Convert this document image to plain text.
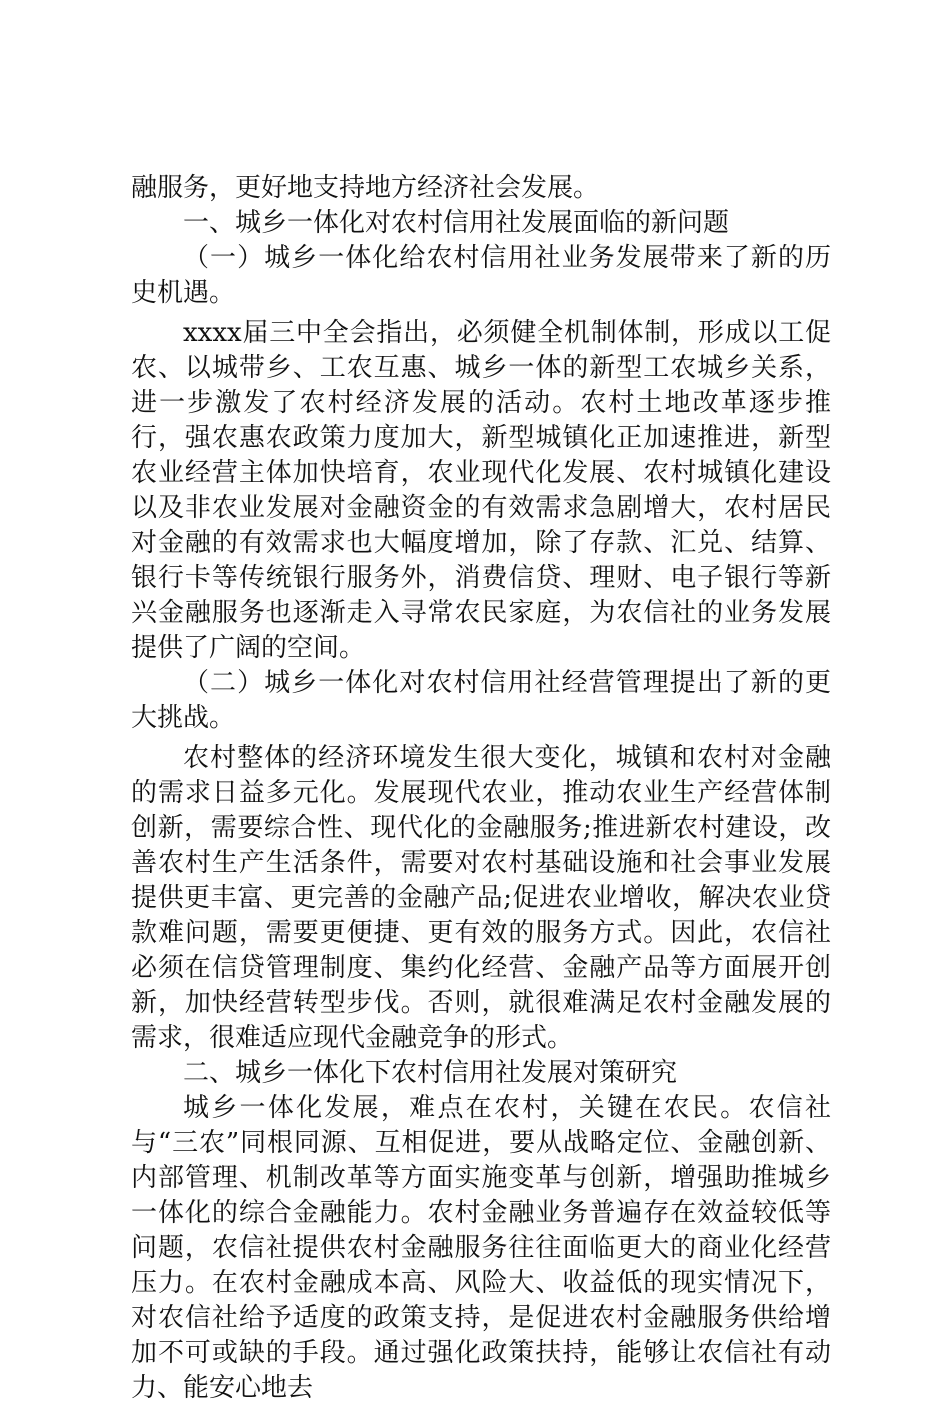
融服务，更好地支持地方经济社会发展。

一、城乡一体化对农村信用社发展面临的新问题

（一）城乡一体化给农村信用社业务发展带来了新的历史机遇。

xxxx届三中全会指出，必须健全机制体制，形成以工促农、以城带乡、工农互惠、城乡一体的新型工农城乡关系，进一步激发了农村经济发展的活动。农村土地改革逐步推行，强农惠农政策力度加大，新型城镇化正加速推进，新型农业经营主体加快培育，农业现代化发展、农村城镇化建设以及非农业发展对金融资金的有效需求急剧增大，农村居民对金融的有效需求也大幅度增加，除了存款、汇兑、结算、银行卡等传统银行服务外，消费信贷、理财、电子银行等新兴金融服务也逐渐走入寻常农民家庭，为农信社的业务发展提供了广阔的空间。

（二）城乡一体化对农村信用社经营管理提出了新的更大挑战。

农村整体的经济环境发生很大变化，城镇和农村对金融的需求日益多元化。发展现代农业，推动农业生产经营体制创新，需要综合性、现代化的金融服务;推进新农村建设，改善农村生产生活条件，需要对农村基础设施和社会事业发展提供更丰富、更完善的金融产品;促进农业增收，解决农业贷款难问题，需要更便捷、更有效的服务方式。因此，农信社必须在信贷管理制度、集约化经营、金融产品等方面展开创新，加快经营转型步伐。否则，就很难满足农村金融发展的需求，很难适应现代金融竞争的形式。

二、城乡一体化下农村信用社发展对策研究

城乡一体化发展，难点在农村，关键在农民。农信社与“三农”同根同源、互相促进，要从战略定位、金融创新、内部管理、机制改革等方面实施变革与创新，增强助推城乡一体化的综合金融能力。农村金融业务普遍存在效益较低等问题，农信社提供农村金融服务往往面临更大的商业化经营压力。在农村金融成本高、风险大、收益低的现实情况下，对农信社给予适度的政策支持，是促进农村金融服务供给增加不可或缺的手段。通过强化政策扶持，能够让农信社有动力、能安心地去
